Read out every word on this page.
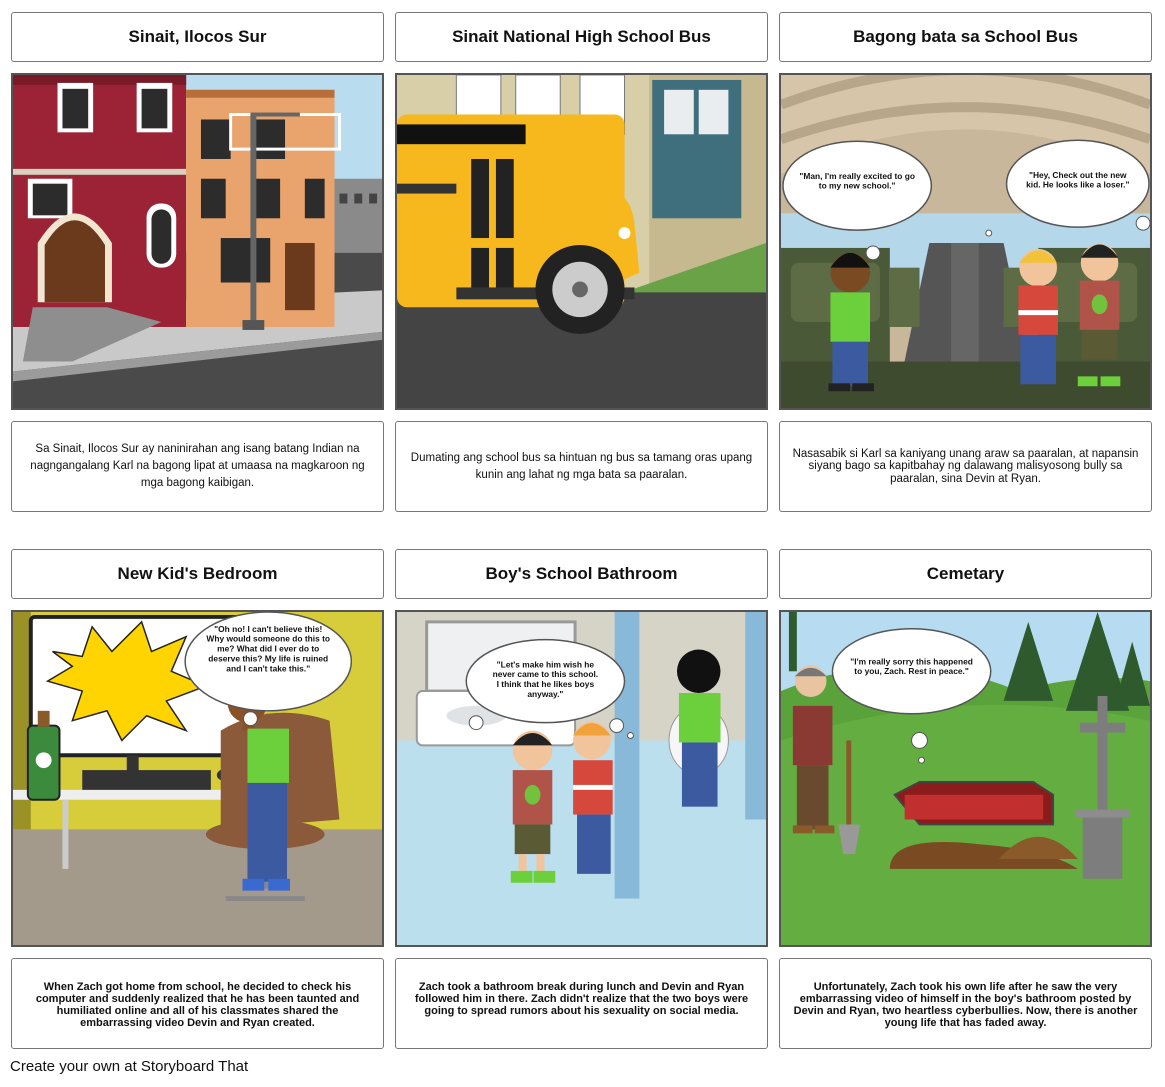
Sinait, Ilocos Sur	Sinait National High School Bus	Bagong bata sa School Bus
"Man, I'm really excited to go
to my new school."
"Hey, Check out the new
kid. He looks like a loser."
Sa Sinait, Ilocos Sur ay naninirahan ang isang batang Indian na nagngangalang Karl na bagong lipat at umaasa na magkaroon ng mga bagong kaibigan.
Dumating ang school bus sa hintuan ng bus sa tamang oras upang kunin ang lahat ng mga bata sa paaralan.
Nasasabik si Karl sa kaniyang unang araw sa paaralan, at napansin siyang bago sa kapitbahay ng dalawang malisyosong bully sa paaralan, sina Devin at Ryan.
New Kid's Bedroom	Boy's School Bathroom	Cemetary
"Oh no! I can't believe this!
Why would someone do this to
me? What did I ever do to
deserve this? My life is ruined
and I can't take this."	"Let's make him wish he
never came to this school.
I think that he likes boys
anyway."
"I'm really sorry this happened
to you, Zach. Rest in peace."
When Zach got home from school, he decided to check his computer and suddenly realized that he has been taunted and humiliated online and all of his classmates shared the embarrassing video Devin and Ryan created.
Zach took a bathroom break during lunch and Devin and Ryan followed him in there. Zach didn't realize that the two boys were going to spread rumors about his sexuality on social media.
Unfortunately, Zach took his own life after he saw the very embarrassing video of himself in the boy's bathroom posted by Devin and Ryan, two heartless cyberbullies. Now, there is another young life that has faded away.
Create your own at Storyboard That
